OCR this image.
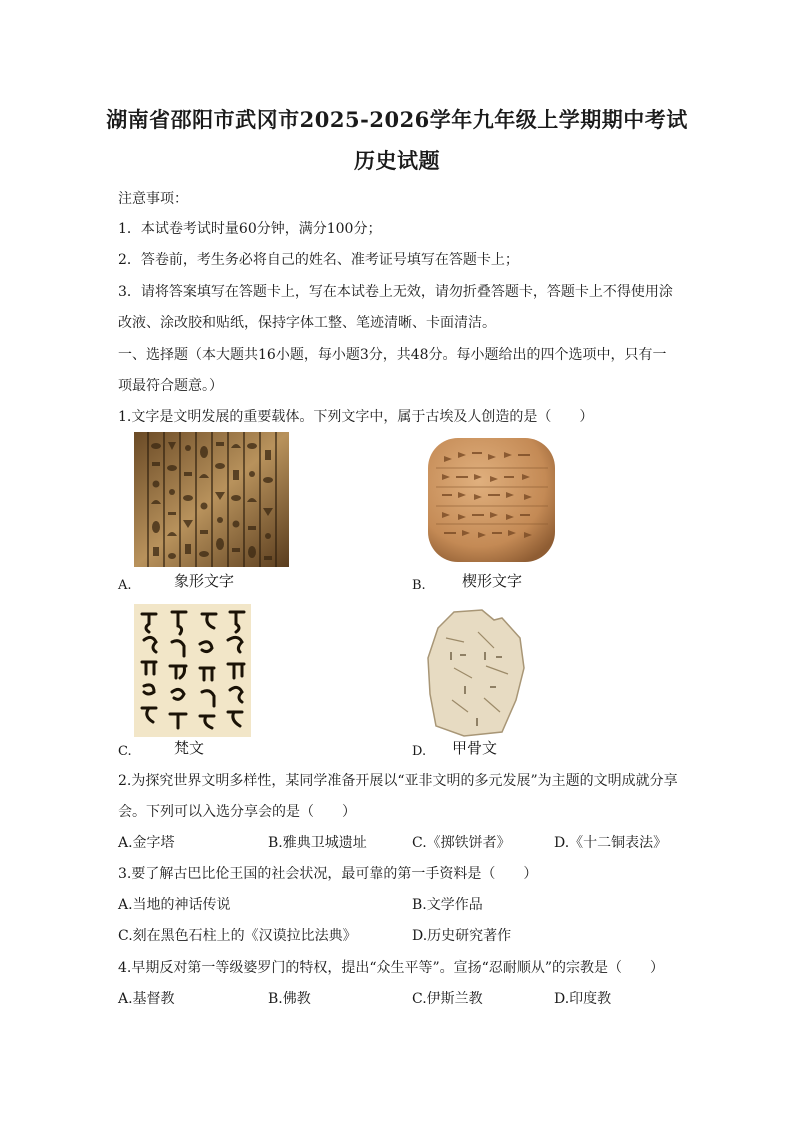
湖南省邵阳市武冈市2025-2026学年九年级上学期期中考试
历史试题
注意事项：
1．本试卷考试时量60分钟，满分100分；
2．答卷前，考生务必将自己的姓名、准考证号填写在答题卡上；
3．请将答案填写在答题卡上，写在本试卷上无效，请勿折叠答题卡，答题卡上不得使用涂
改液、涂改胶和贴纸，保持字体工整、笔迹清晰、卡面清洁。
一、选择题（本大题共16小题，每小题3分，共48分。每小题给出的四个选项中，只有一
项最符合题意。）
1.文字是文明发展的重要载体。下列文字中，属于古埃及人创造的是（　　）
A.	象形文字	B. 楔形文字
C.	梵文	D. 甲骨文
2.为探究世界文明多样性，某同学准备开展以“亚非文明的多元发展”为主题的文明成就分享
会。下列可以入选分享会的是（　　）
A.金字塔	B.雅典卫城遗址	C.《掷铁饼者》	D.《十二铜表法》
3.要了解古巴比伦王国的社会状况，最可靠的第一手资料是（　　）
A.当地的神话传说	B.文学作品
C.刻在黑色石柱上的《汉谟拉比法典》	D.历史研究著作
4.早期反对第一等级婆罗门的特权，提出“众生平等”。宣扬“忍耐顺从”的宗教是（　　）
A.基督教	B.佛教	C.伊斯兰教	D.印度教
